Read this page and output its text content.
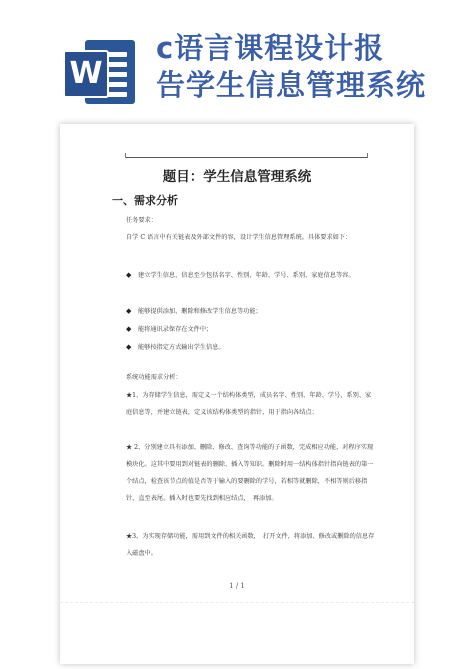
W
c语言课程设计报
告学生信息管理系统
题目：学生信息管理系统
一、需求分析

任务要求：

自学 C 语言中有关链表及外部文件的容，设计学生信息管理系统。具体要求如下：

◆ 建立学生信息，信息至少包括名字、性别、年龄、学号、系别、家庭信息等容。
◆ 能够提供添加、删除和修改学生信息等功能；
◆ 能将通讯录保存在文件中；
◆ 能够按指定方式输出学生信息。

系统功能需求分析：

★1、为存储学生信息，需定义一个结构体类型，成员名字、性别、年龄、学号、系别、家庭信息等，并建立链表，定义该结构体类型的指针，用于指向各结点；

★ 2、分别建立具有添加、删除、修改、查询等功能的子函数，完成相应功能，对程序实现模块化。这其中要用到对链表的删除、插入等知识。删除时用一结构体指针指向链表的第一个结点，检查该节点的值是否等于输入的要删除的学号，若相等就删除，不相等则后移指针，直至表尾。插入时也要先找到相应结点，　再添加。

★3、为实现存储功能，需用到文件的相关函数，　打开文件，将添加、修改或删除的信息存入磁盘中。

1 / 1
